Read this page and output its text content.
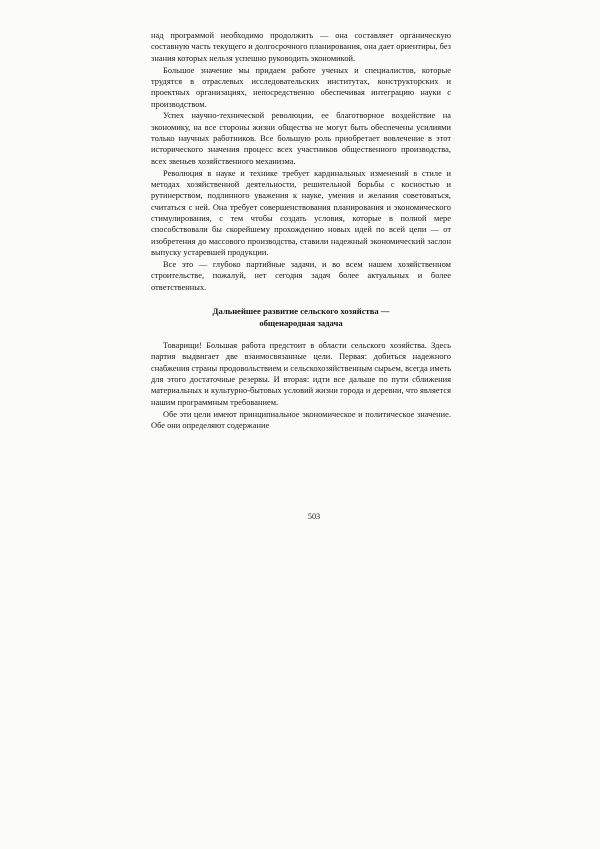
над программой необходимо продолжить — она составляет органическую составную часть текущего и долгосрочного планирования, она дает ориентиры, без знания которых нельзя успешно руководить экономикой.

Большое значение мы придаем работе ученых и специалистов, которые трудятся в отраслевых исследовательских институтах, конструкторских и проектных организациях, непосредственно обеспечивая интеграцию науки с производством.

Успех научно-технической революции, ее благотворное воздействие на экономику, на все стороны жизни общества не могут быть обеспечены усилиями только научных работников. Все большую роль приобретает вовлечение в этот исторического значения процесс всех участников общественного производства, всех звеньев хозяйственного механизма.

Революция в науке и технике требует кардинальных изменений в стиле и методах хозяйственной деятельности, решительной борьбы с косностью и рутинерством, подлинного уважения к науке, умения и желания советоваться, считаться с ней. Она требует совершенствования планирования и экономического стимулирования, с тем чтобы создать условия, которые в полной мере способствовали бы скорейшему прохождению новых идей по всей цепи — от изобретения до массового производства, ставили надежный экономический заслон выпуску устаревшей продукции.

Все это — глубоко партийные задачи, и во всем нашем хозяйственном строительстве, пожалуй, нет сегодня задач более актуальных и более ответственных.

Дальнейшее развитие сельского хозяйства —
общенародная задача

Товарищи! Большая работа предстоит в области сельского хозяйства. Здесь партия выдвигает две взаимосвязанные цели. Первая: добиться надежного снабжения страны продовольствием и сельскохозяйственным сырьем, всегда иметь для этого достаточные резервы. И вторая: идти все дальше по пути сближения материальных и культурно-бытовых условий жизни города и деревни, что является нашим программным требованием.

Обе эти цели имеют принципиальное экономическое и политическое значение. Обе они определяют содержание

503
